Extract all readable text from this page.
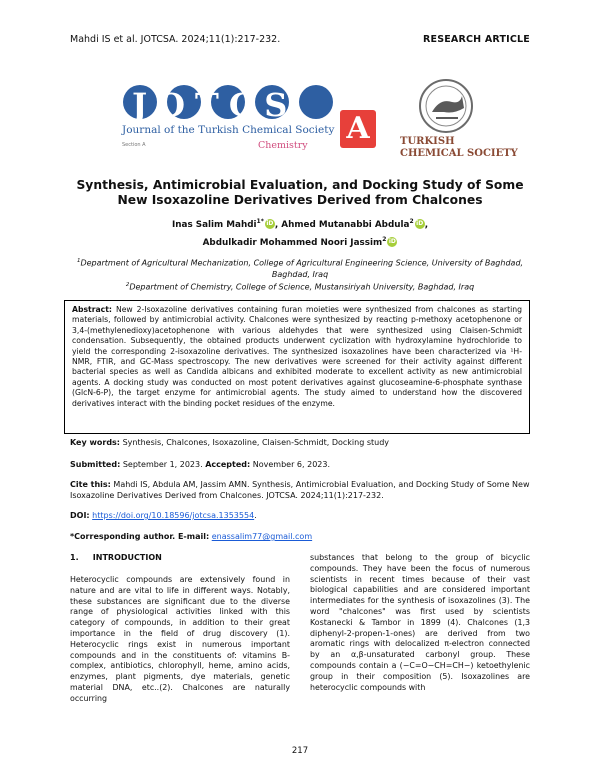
Mahdi IS et al. JOTCSA. 2024;11(1):217-232.	RESEARCH ARTICLE
JOTCS
Journal of the Turkish Chemical Society
Section A	Chemistry A	TURKISH
CHEMICAL SOCIETY
Synthesis, Antimicrobial Evaluation, and Docking Study of Some New Isoxazoline Derivatives Derived from Chalcones
Inas Salim Mahdi$^{1*}$ iD, Ahmed Mutanabbi Abdula$^2$ iD,
Abdulkadir Mohammed Noori Jassim$^2$ iD
$^1$Department of Agricultural Mechanization, College of Agricultural Engineering Science, University of Baghdad, Baghdad, Iraq
$^2$Department of Chemistry, College of Science, Mustansiriyah University, Baghdad, Iraq
Abstract: New 2-Isoxazoline derivatives containing furan moieties were synthesized from chalcones as starting materials, followed by antimicrobial activity. Chalcones were synthesized by reacting p-methoxy acetophenone or 3,4-(methylenedioxy)acetophenone with various aldehydes that were synthesized using Claisen-Schmidt condensation. Subsequently, the obtained products underwent cyclization with hydroxylamine hydrochloride to yield the corresponding 2-isoxazoline derivatives. The synthesized isoxazolines have been characterized via ¹H-NMR, FTIR, and GC-Mass spectroscopy. The new derivatives were screened for their activity against different bacterial species as well as Candida albicans and exhibited moderate to excellent activity as new antimicrobial agents. A docking study was conducted on most potent derivatives against glucoseamine-6-phosphate synthase (GlcN-6-P), the target enzyme for antimicrobial agents. The study aimed to understand how the discovered derivatives interact with the binding pocket residues of the enzyme.
Key words: Synthesis, Chalcones, Isoxazoline, Claisen-Schmidt, Docking study
Submitted: September 1, 2023. Accepted: November 6, 2023.
Cite this: Mahdi IS, Abdula AM, Jassim AMN. Synthesis, Antimicrobial Evaluation, and Docking Study of Some New Isoxazoline Derivatives Derived from Chalcones. JOTCSA. 2024;11(1):217-232.
DOI: https://doi.org/10.18596/jotcsa.1353554.
*Corresponding author. E-mail: enassalim77@gmail.com
1. INTRODUCTION
Heterocyclic compounds are extensively found in nature and are vital to life in different ways. Notably, these substances are significant due to the diverse range of physiological activities linked with this category of compounds, in addition to their great importance in the field of drug discovery (1). Heterocyclic rings exist in numerous important compounds and in the constituents of: vitamins B-complex, antibiotics, chlorophyll, heme, amino acids, enzymes, plant pigments, dye materials, genetic material DNA, etc..(2). Chalcones are naturally occurring
substances that belong to the group of bicyclic compounds. They have been the focus of numerous scientists in recent times because of their vast biological capabilities and are considered important intermediates for the synthesis of isoxazolines (3). The word "chalcones" was first used by scientists Kostanecki & Tambor in 1899 (4). Chalcones (1,3 diphenyl-2-propen-1-ones) are derived from two aromatic rings with delocalized π-electron connected by an α,β-unsaturated carbonyl group. These compounds contain a (−C=O−CH=CH−) ketoethylenic group in their composition (5). Isoxazolines are heterocyclic compounds with
217
